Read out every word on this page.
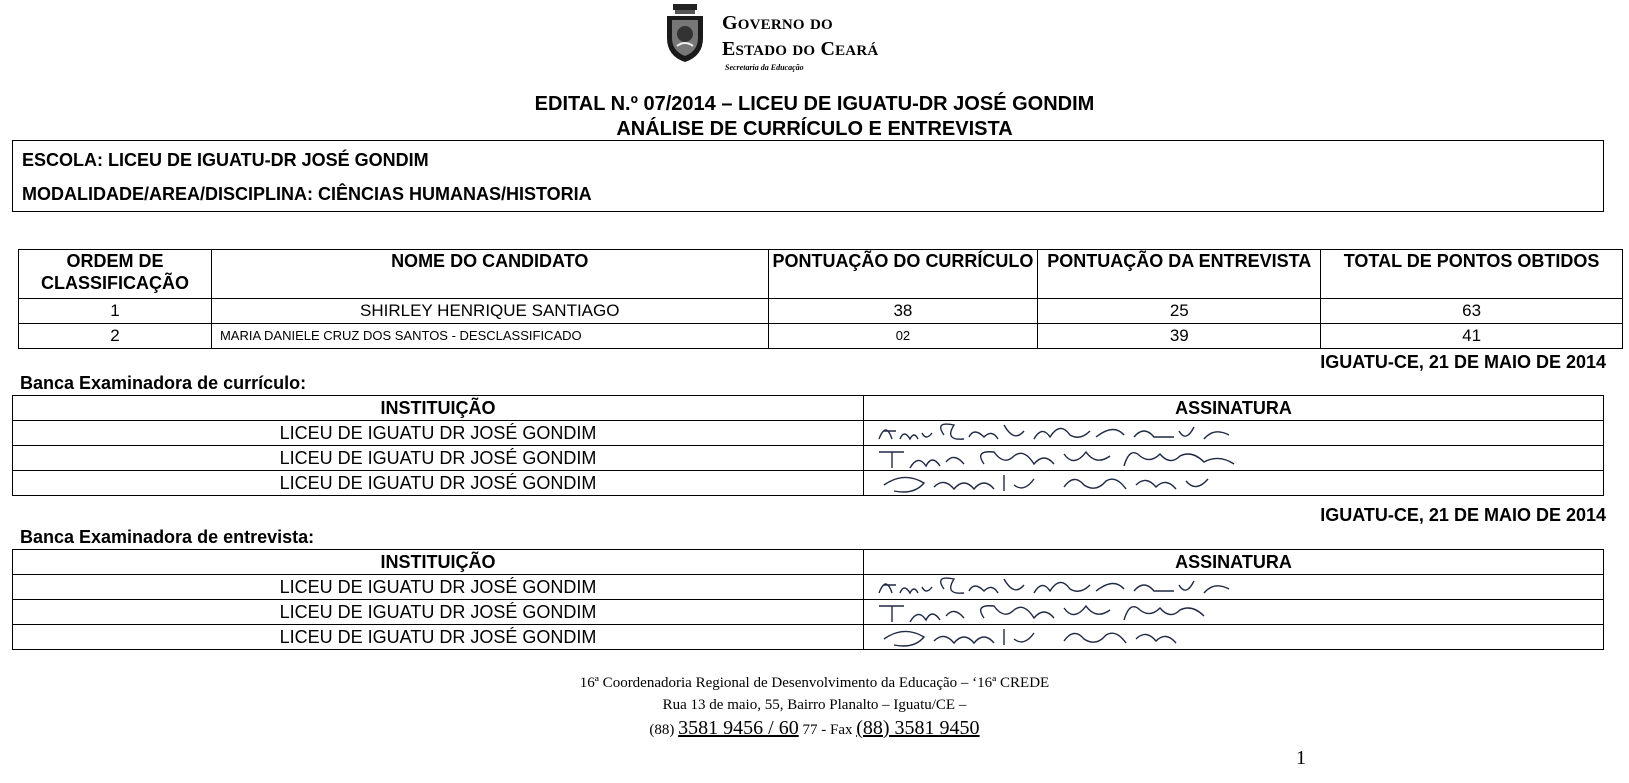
GOVERNO DO
ESTADO DO CEARÁ
Secretaria da Educação
EDITAL N.º 07/2014 – LICEU DE IGUATU-DR JOSÉ GONDIM
ANÁLISE DE CURRÍCULO E ENTREVISTA
ESCOLA: LICEU DE IGUATU-DR JOSÉ GONDIM
MODALIDADE/AREA/DISCIPLINA: CIÊNCIAS HUMANAS/HISTORIA
ORDEM DE CLASSIFICAÇÃO	NOME DO CANDIDATO	PONTUAÇÃO DO CURRÍCULO	PONTUAÇÃO DA ENTREVISTA	TOTAL DE PONTOS OBTIDOS
1	SHIRLEY HENRIQUE SANTIAGO	38	25	63
2	MARIA DANIELE CRUZ DOS SANTOS - DESCLASSIFICADO	02	39	41
IGUATU-CE, 21 DE MAIO DE 2014
Banca Examinadora de currículo:
INSTITUIÇÃO	ASSINATURA
LICEU DE IGUATU DR JOSÉ GONDIM	

LICEU DE IGUATU DR JOSÉ GONDIM	

LICEU DE IGUATU DR JOSÉ GONDIM	
IGUATU-CE, 21 DE MAIO DE 2014
Banca Examinadora de entrevista:
INSTITUIÇÃO	ASSINATURA
LICEU DE IGUATU DR JOSÉ GONDIM	

LICEU DE IGUATU DR JOSÉ GONDIM	

LICEU DE IGUATU DR JOSÉ GONDIM	
16ª Coordenadoria Regional de Desenvolvimento da Educação – ‘16ª CREDE
Rua 13 de maio, 55, Bairro Planalto – Iguatu/CE –
(88) 3581 9456 / 60 77 - Fax (88) 3581 9450
1
